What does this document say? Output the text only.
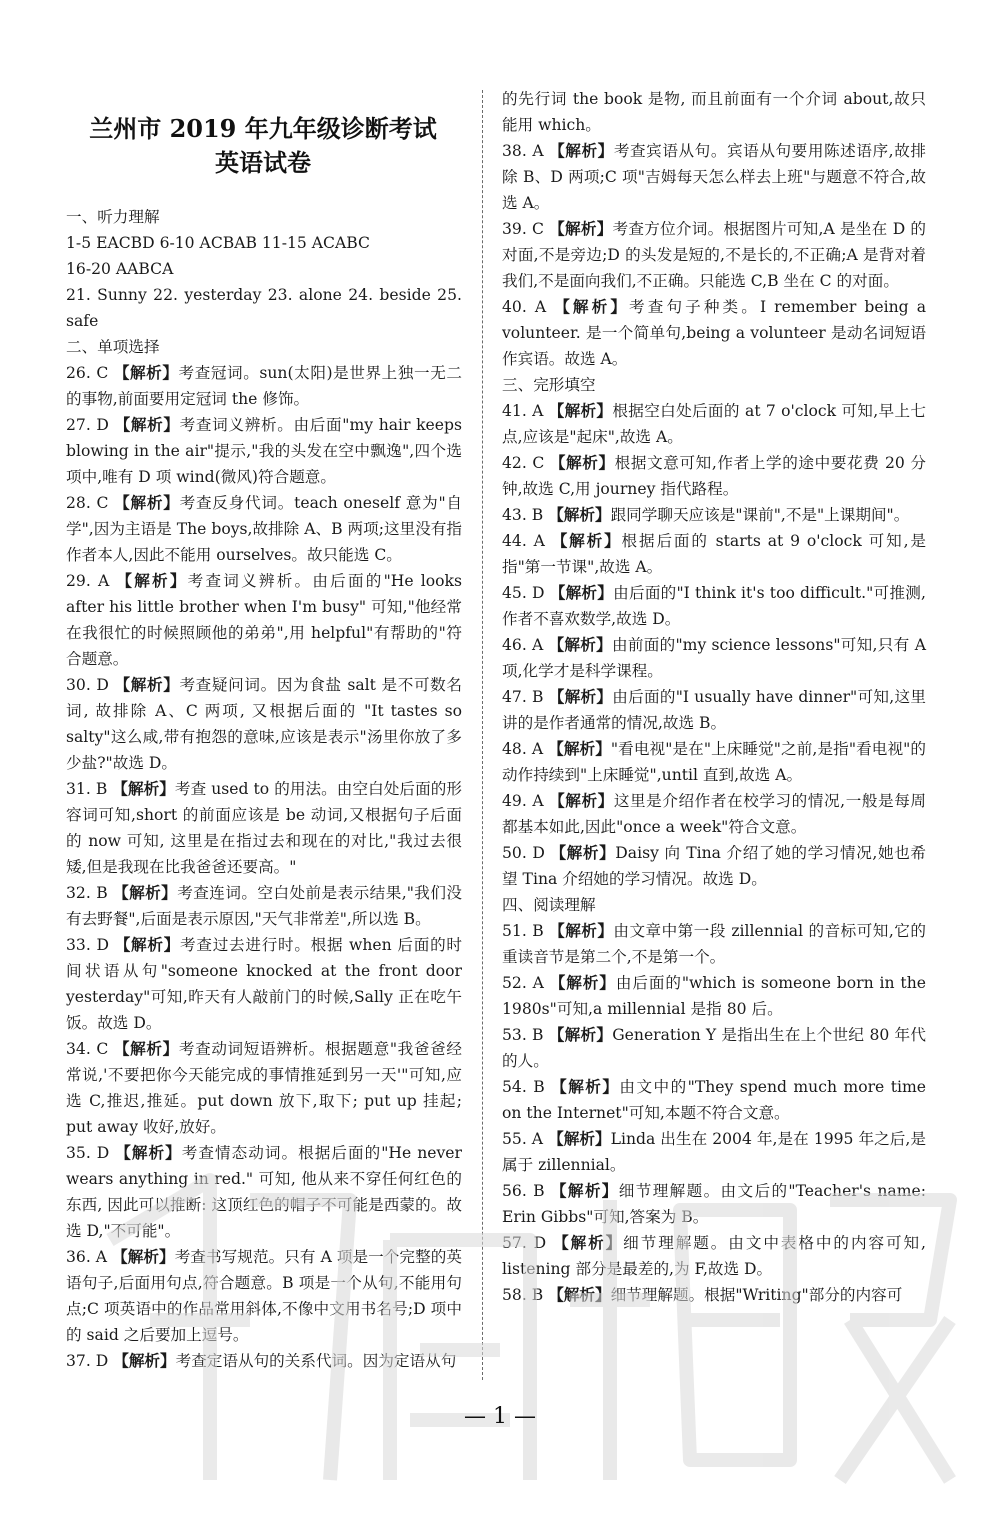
兰州市 2019 年九年级诊断考试
英语试卷
一、听力理解
1-5 EACBD 6-10 ACBAB 11-15 ACABC
16-20 AABCA
21. Sunny 22. yesterday 23. alone 24. beside 25. safe
二、单项选择
26. C 【解析】考查冠词。sun(太阳)是世界上独一无二的事物,前面要用定冠词 the 修饰。
27. D 【解析】考查词义辨析。由后面"my hair keeps blowing in the air"提示,"我的头发在空中飘逸",四个选项中,唯有 D 项 wind(微风)符合题意。
28. C 【解析】考查反身代词。teach oneself 意为"自学",因为主语是 The boys,故排除 A、B 两项;这里没有指作者本人,因此不能用 ourselves。故只能选 C。
29. A 【解析】考查词义辨析。由后面的"He looks after his little brother when I'm busy" 可知,"他经常在我很忙的时候照顾他的弟弟",用 helpful"有帮助的"符合题意。
30. D 【解析】考查疑问词。因为食盐 salt 是不可数名词, 故排除 A、C 两项, 又根据后面的 "It tastes so salty"这么咸,带有抱怨的意味,应该是表示"汤里你放了多少盐?"故选 D。
31. B 【解析】考查 used to 的用法。由空白处后面的形容词可知,short 的前面应该是 be 动词,又根据句子后面的 now 可知, 这里是在指过去和现在的对比,"我过去很矮,但是我现在比我爸爸还要高。"
32. B 【解析】考查连词。空白处前是表示结果,"我们没有去野餐",后面是表示原因,"天气非常差",所以选 B。
33. D 【解析】考查过去进行时。根据 when 后面的时间状语从句"someone knocked at the front door yesterday"可知,昨天有人敲前门的时候,Sally 正在吃午饭。故选 D。
34. C 【解析】考查动词短语辨析。根据题意"我爸爸经常说,'不要把你今天能完成的事情推延到另一天'"可知,应选 C,推迟,推延。put down 放下,取下; put up 挂起; put away 收好,放好。
35. D 【解析】考查情态动词。根据后面的"He never wears anything in red." 可知, 他从来不穿任何红色的东西, 因此可以推断: 这顶红色的帽子不可能是西蒙的。故选 D,"不可能"。
36. A 【解析】考查书写规范。只有 A 项是一个完整的英语句子,后面用句点,符合题意。B 项是一个从句,不能用句点;C 项英语中的作品常用斜体,不像中文用书名号;D 项中的 said 之后要加上逗号。
37. D 【解析】考查定语从句的关系代词。因为定语从句
的先行词 the book 是物, 而且前面有一个介词 about,故只能用 which。
38. A 【解析】考查宾语从句。宾语从句要用陈述语序,故排除 B、D 两项;C 项"吉姆每天怎么样去上班"与题意不符合,故选 A。
39. C 【解析】考查方位介词。根据图片可知,A 是坐在 D 的对面,不是旁边;D 的头发是短的,不是长的,不正确;A 是背对着我们,不是面向我们,不正确。只能选 C,B 坐在 C 的对面。
40. A 【解析】考查句子种类。I remember being a volunteer. 是一个简单句,being a volunteer 是动名词短语作宾语。故选 A。
三、完形填空
41. A 【解析】根据空白处后面的 at 7 o'clock 可知,早上七点,应该是"起床",故选 A。
42. C 【解析】根据文意可知,作者上学的途中要花费 20 分钟,故选 C,用 journey 指代路程。
43. B 【解析】跟同学聊天应该是"课前",不是"上课期间"。
44. A 【解析】根据后面的 starts at 9 o'clock 可知,是指"第一节课",故选 A。
45. D 【解析】由后面的"I think it's too difficult."可推测,作者不喜欢数学,故选 D。
46. A 【解析】由前面的"my science lessons"可知,只有 A 项,化学才是科学课程。
47. B 【解析】由后面的"I usually have dinner"可知,这里讲的是作者通常的情况,故选 B。
48. A 【解析】"看电视"是在"上床睡觉"之前,是指"看电视"的动作持续到"上床睡觉",until 直到,故选 A。
49. A 【解析】这里是介绍作者在校学习的情况,一般是每周都基本如此,因此"once a week"符合文意。
50. D 【解析】Daisy 向 Tina 介绍了她的学习情况,她也希望 Tina 介绍她的学习情况。故选 D。
四、阅读理解
51. B 【解析】由文章中第一段 zillennial 的音标可知,它的重读音节是第二个,不是第一个。
52. A 【解析】由后面的"which is someone born in the 1980s"可知,a millennial 是指 80 后。
53. B 【解析】Generation Y 是指出生在上个世纪 80 年代的人。
54. B 【解析】由文中的"They spend much more time on the Internet"可知,本题不符合文意。
55. A 【解析】Linda 出生在 2004 年,是在 1995 年之后,是属于 zillennial。
56. B 【解析】细节理解题。由文后的"Teacher's name: Erin Gibbs"可知,答案为 B。
57. D 【解析】细节理解题。由文中表格中的内容可知, listening 部分是最差的,为 F,故选 D。
58. B 【解析】细节理解题。根据"Writing"部分的内容可
— 1 —
